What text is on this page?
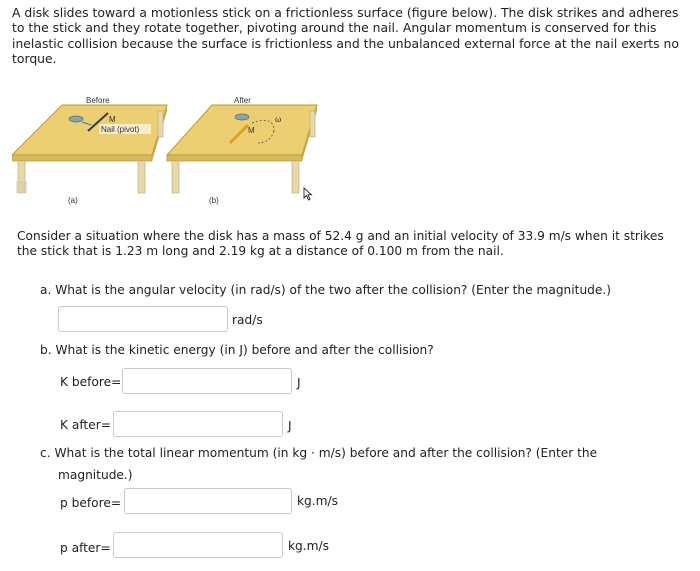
A disk slides toward a motionless stick on a frictionless surface (figure below). The disk strikes and adheres to the stick and they rotate together, pivoting around the nail. Angular momentum is conserved for this inelastic collision because the surface is frictionless and the unbalanced external force at the nail exerts no torque.
M
Nail (pivot)
ω
M
Before	After
(a)	(b)
Consider a situation where the disk has a mass of 52.4 g and an initial velocity of 33.9 m/s when it strikes the stick that is 1.23 m long and 2.19 kg at a distance of 0.100 m from the nail.
a. What is the angular velocity (in rad/s) of the two after the collision? (Enter the magnitude.)
rad/s
b. What is the kinetic energy (in J) before and after the collision?
K before=	J
K after=	J
c. What is the total linear momentum (in kg · m/s) before and after the collision? (Enter the
magnitude.)
p before=	kg.m/s
p after=	kg.m/s
